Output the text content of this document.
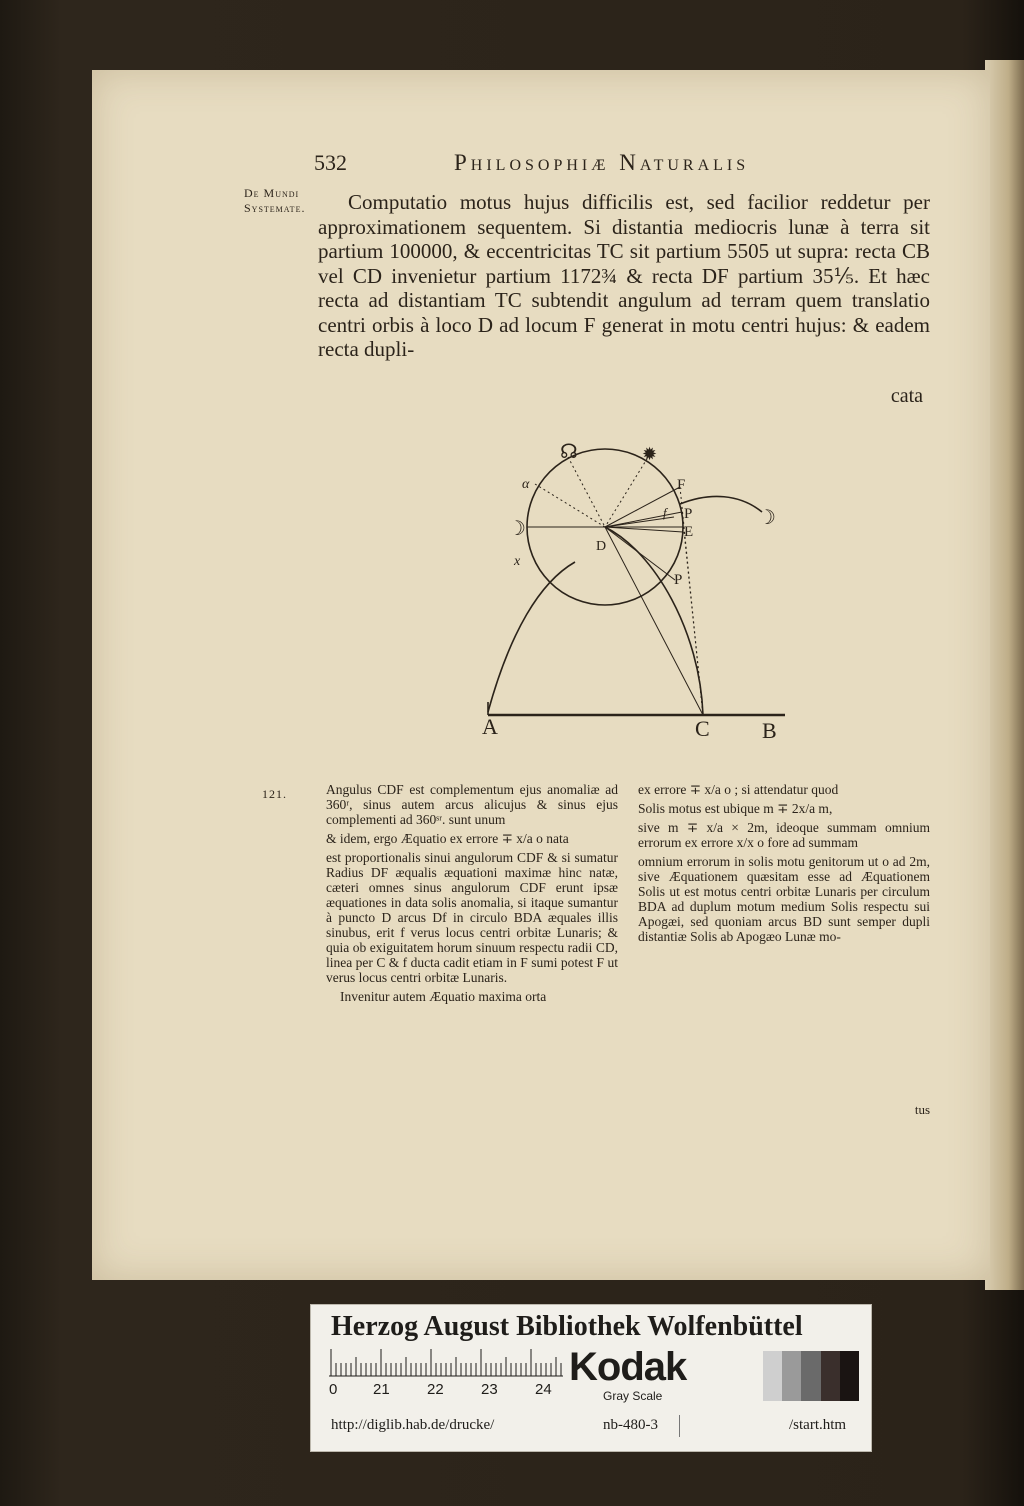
532	Philosophiæ Naturalis
De Mundi Systemate.	Computatio motus hujus difficilis est, sed facilior reddetur per approximationem sequentem. Si distantia mediocris lunæ à terra sit partium 100000, & eccentricitas TC sit partium 5505 ut supra: recta CB vel CD invenietur partium 1172¾ & recta DF partium 35⅕. Et hæc recta ad distantiam TC subtendit angulum ad terram quem translatio centri orbis à loco D ad locum F generat in motu centri hujus: & eadem recta dupli-

cata
☊	✹
☽	☽
α
x
D
F
f P
E
P
A	C B
121.	Angulus CDF est complementum ejus anomaliæ ad 360ʳ, sinus autem arcus alicujus & sinus ejus complementi ad 360ˢʳ. sunt unum

& idem, ergo Æquatio ex errore ∓ x/a o nata

est proportionalis sinui angulorum CDF & si sumatur Radius DF æqualis æquationi maximæ hinc natæ, cæteri omnes sinus angulorum CDF erunt ipsæ æquationes in data solis anomalia, si itaque sumantur à puncto D arcus Df in circulo BDA æquales illis sinubus, erit f verus locus centri orbitæ Lunaris; & quia ob exiguitatem horum sinuum respectu radii CD, linea per C & f ducta cadit etiam in F sumi potest F ut verus locus centri orbitæ Lunaris.

Invenitur autem Æquatio maxima orta

ex errore ∓ x/a o ; si attendatur quod

Solis motus est ubique m ∓ 2x/a m,

sive m ∓ x/a × 2m, ideoque summam omnium errorum ex errore x/x o fore ad summam

omnium errorum in solis motu genitorum ut o ad 2m, sive Æquationem quæsitam esse ad Æquationem Solis ut est motus centri orbitæ Lunaris per circulum BDA ad duplum motum medium Solis respectu sui Apogæi, sed quoniam arcus BD sunt semper dupli distantiæ Solis ab Apogæo Lunæ mo-

tus
Herzog August Bibliothek Wolfenbüttel
0 21 22 23 24
Kodak
Gray Scale
http://diglib.hab.de/drucke/	nb-480-3	/start.htm
